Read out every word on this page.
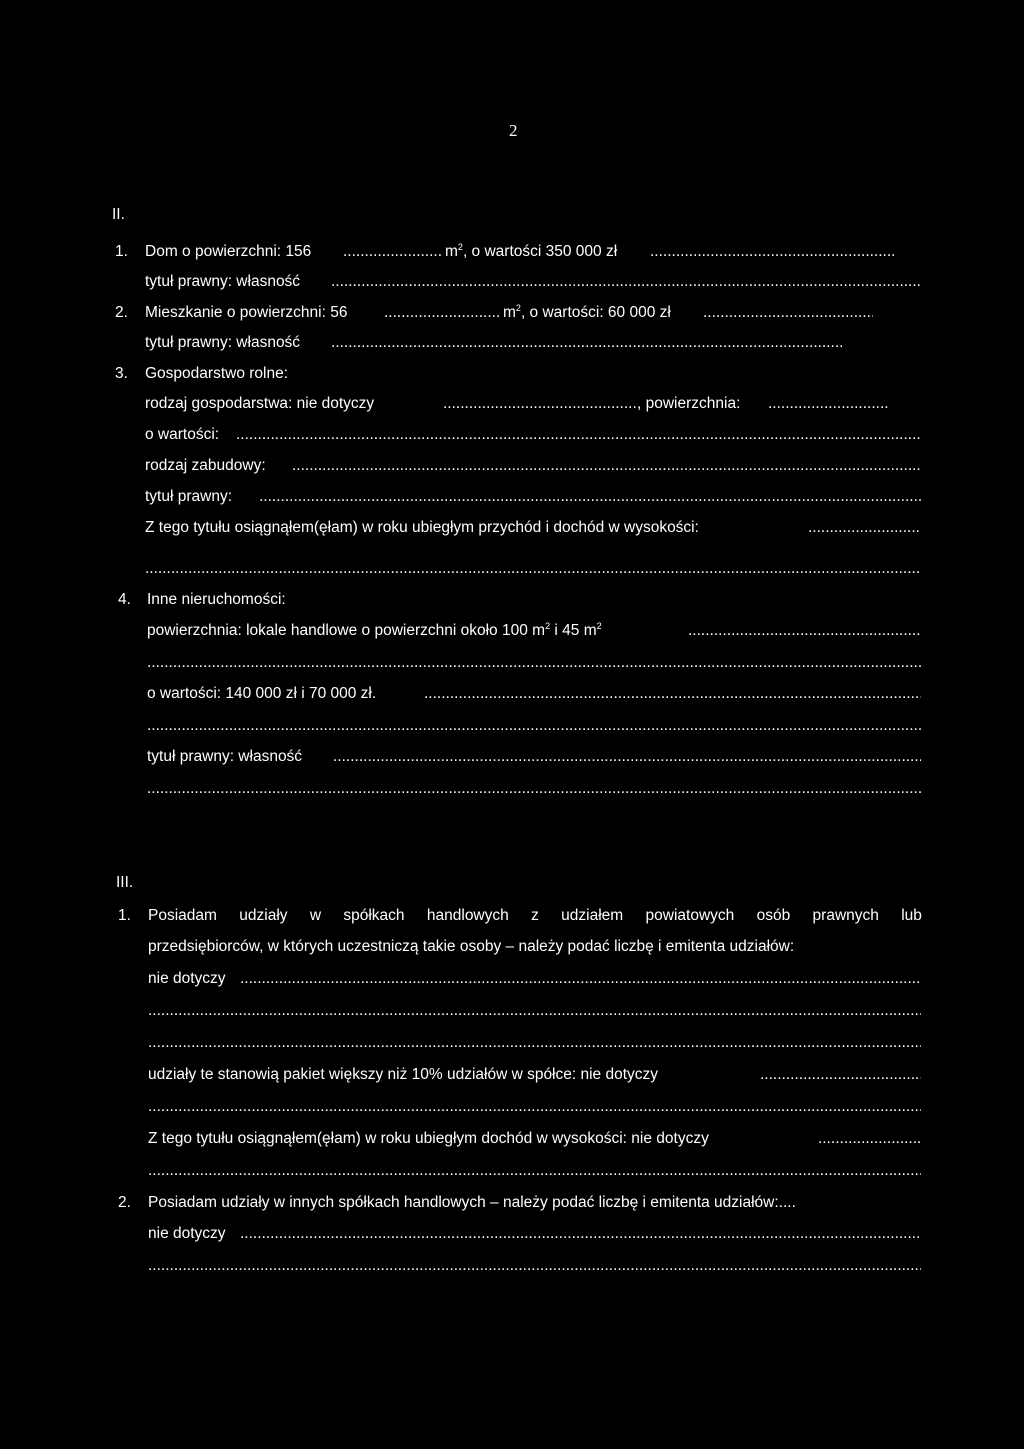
2
II.
1. Dom o powierzchni: 156 .....	$m^2$, o wartości 350 000 zł
.....
tytuł prawny: własność
.....
2. Mieszkanie o powierzchni: 56 .....	$m^2$, o wartości: 60 000 zł
.....
tytuł prawny: własność
.....
3. Gospodarstwo rolne:
rodzaj gospodarstwa: nie dotyczy .....	, powierzchnia:
.....
o wartości:
.....
rodzaj zabudowy:
.....
tytuł prawny:
.....
Z tego tytułu osiągnąłem(ęłam) w roku ubiegłym przychód i dochód w wysokości:
.....
.....
4. Inne nieruchomości:
powierzchnia: lokale handlowe o powierzchni około 100 $m^2$ i 45 $m^2$
.....
.....
o wartości: 140 000 zł i 70 000 zł.
.....
.....
tytuł prawny: własność
.....
.....
III.
1. Posiadam udziały w spółkach handlowych z udziałem powiatowych osób prawnych lub
przedsiębiorców, w których uczestniczą takie osoby – należy podać liczbę i emitenta udziałów:
nie dotyczy
.....
.....
.....
udziały te stanowią pakiet większy niż 10% udziałów w spółce: nie dotyczy
.....
.....
Z tego tytułu osiągnąłem(ęłam) w roku ubiegłym dochód w wysokości: nie dotyczy
.....
.....
2. Posiadam udziały w innych spółkach handlowych – należy podać liczbę i emitenta udziałów:....
nie dotyczy
.....
.....
